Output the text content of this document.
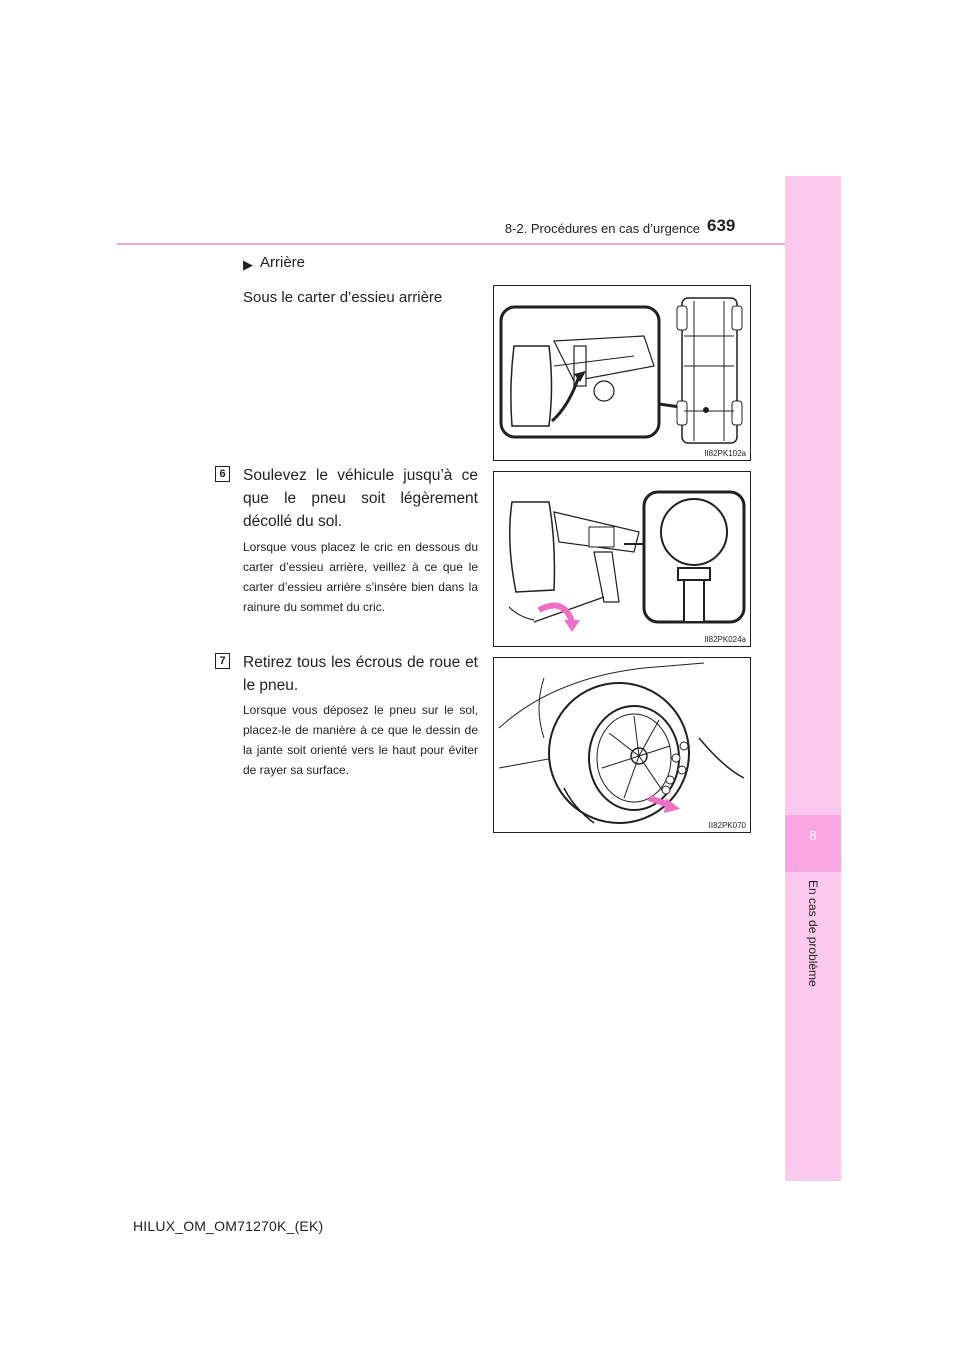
8-2. Procédures en cas d’urgence 639
8
En cas de problème
▶ Arrière
Sous le carter d’essieu arrière
II82PK102a
6 Soulevez le véhicule jusqu’à ce que le pneu soit légèrement décollé du sol.
Lorsque vous placez le cric en dessous du carter d’essieu arrière, veillez à ce que le carter d’essieu arrière s’insère bien dans la rainure du sommet du cric.
II82PK024a
7 Retirez tous les écrous de roue et le pneu.
Lorsque vous déposez le pneu sur le sol, placez-le de manière à ce que le dessin de la jante soit orienté vers le haut pour éviter de rayer sa surface.
II82PK070
HILUX_OM_OM71270K_(EK)
